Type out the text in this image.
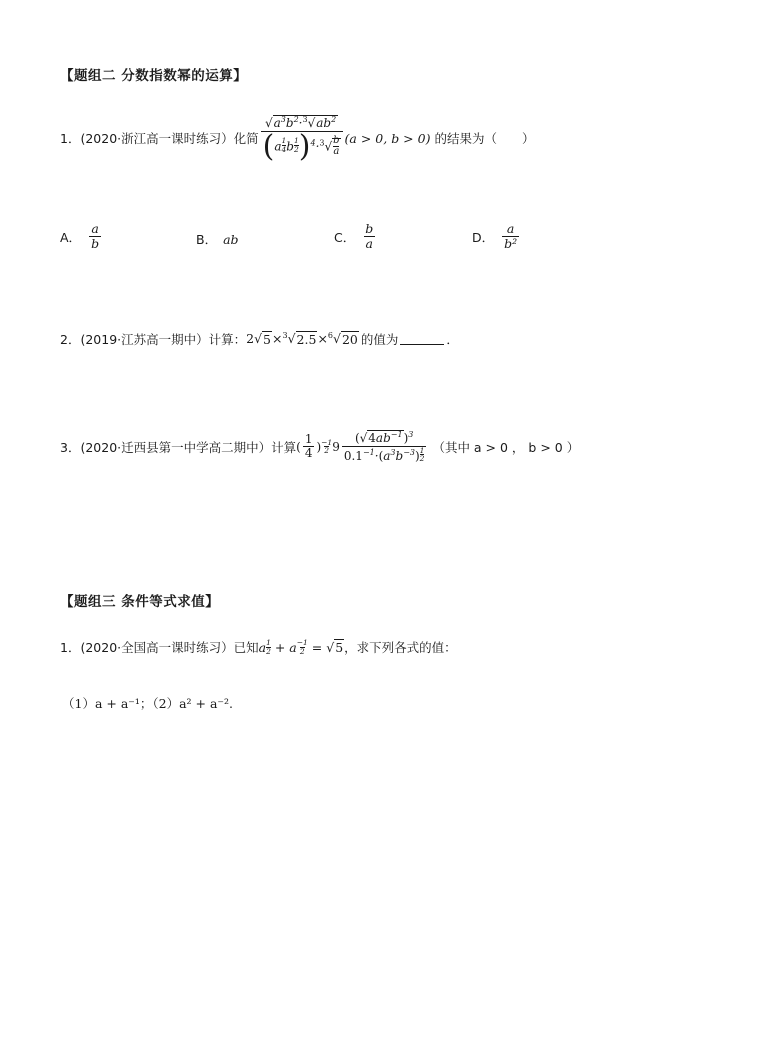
【题组二 分数指数幂的运算】
1．(2020·浙江高一课时练习）化简 $\frac{√a^3b^2\cdot^3√ab^2}{(a \frac{1}{4} b \frac{1}{2} )^4\cdot^3√ \frac{b}{a}} (a > 0$, b > 0) 的结果为（　　）
A． $\frac{a}{b}$	B． ab	C． $\frac{b}{a}$	D． $\frac{a}{\text{b²}}$
2．(2019·江苏高一期中）计算： 2√5×$^3$√2.5×$^6$√20 的值为	．
3．(2020·迁西县第一中学高二期中）计算 ( $\frac{1}{4}$ ) −1
2 $9 \frac{(√4ab^{-1})^3}{0.1^{-1}\cdot(a^3b^{-3}) \frac{1}{2}}$ （其中 a > 0 ， b > 0 ）
【题组三 条件等式求值】
1．(2020·全国高一课时练习）已知 a $\frac{1}{2} + a \frac{-1}{2} = √5$ ，求下列各式的值：
（1）a + a⁻¹；（2）a² + a⁻².
